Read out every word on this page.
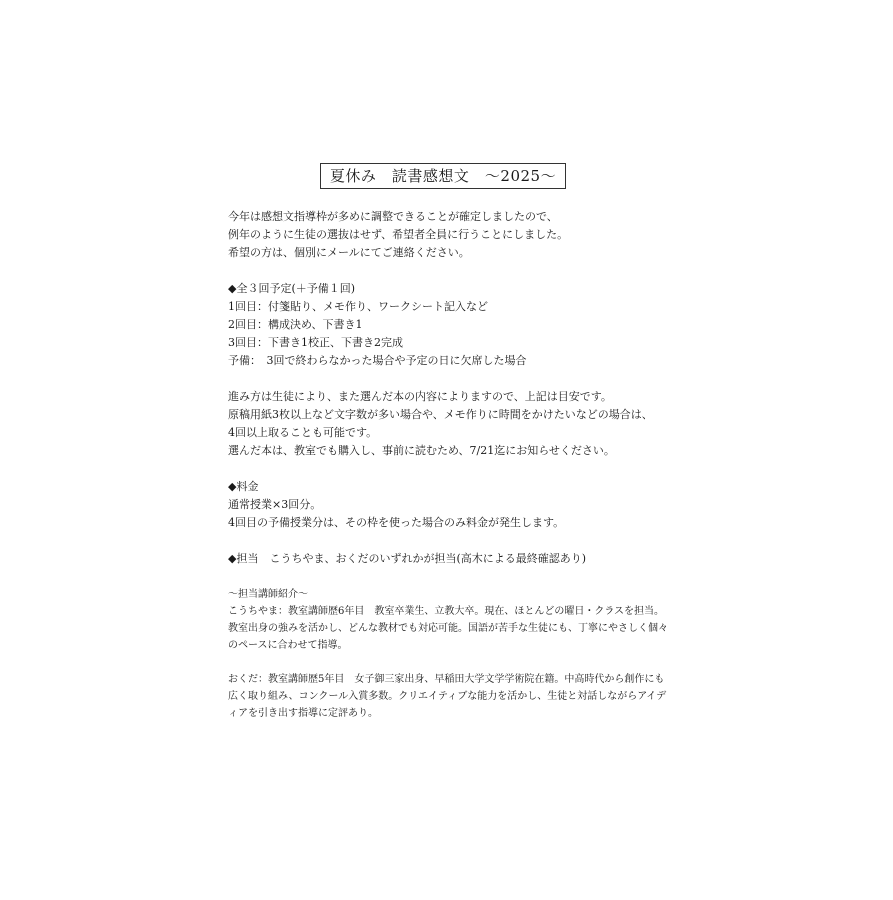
夏休み　読書感想文　～2025～

今年は感想文指導枠が多めに調整できることが確定しましたので、

例年のように生徒の選抜はせず、希望者全員に行うことにしました。

希望の方は、個別にメールにてご連絡ください。

◆全３回予定(＋予備１回)

1回目：付箋貼り、メモ作り、ワークシート記入など

2回目：構成決め、下書き1

3回目：下書き1校正、下書き2完成

予備：　3回で終わらなかった場合や予定の日に欠席した場合

進み方は生徒により、また選んだ本の内容によりますので、上記は目安です。

原稿用紙3枚以上など文字数が多い場合や、メモ作りに時間をかけたいなどの場合は、

4回以上取ることも可能です。

選んだ本は、教室でも購入し、事前に読むため、7/21迄にお知らせください。

◆料金

通常授業×3回分。

4回目の予備授業分は、その枠を使った場合のみ料金が発生します。

◆担当　こうちやま、おくだのいずれかが担当(高木による最終確認あり)

～担当講師紹介～

こうちやま：教室講師歴6年目　教室卒業生、立教大卒。現在、ほとんどの曜日・クラスを担当。教室出身の強みを活かし、どんな教材でも対応可能。国語が苦手な生徒にも、丁寧にやさしく個々のペースに合わせて指導。

おくだ：教室講師歴5年目　女子御三家出身、早稲田大学文学学術院在籍。中高時代から創作にも広く取り組み、コンクール入賞多数。クリエイティブな能力を活かし、生徒と対話しながらアイディアを引き出す指導に定評あり。
